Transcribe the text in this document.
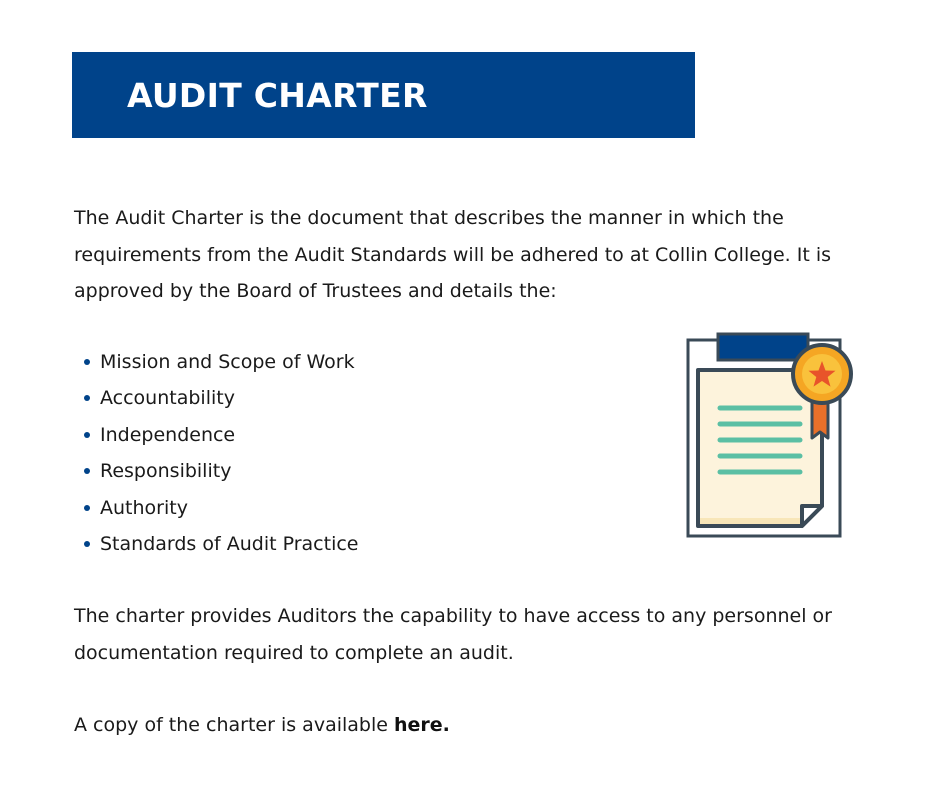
AUDIT CHARTER

The Audit Charter is the document that describes the manner in which the requirements from the Audit Standards will be adhered to at Collin College. It is approved by the Board of Trustees and details the:

Mission and Scope of Work
Accountability
Independence
Responsibility
Authority
Standards of Audit Practice

The charter provides Auditors the capability to have access to any personnel or documentation required to complete an audit.

A copy of the charter is available here.
